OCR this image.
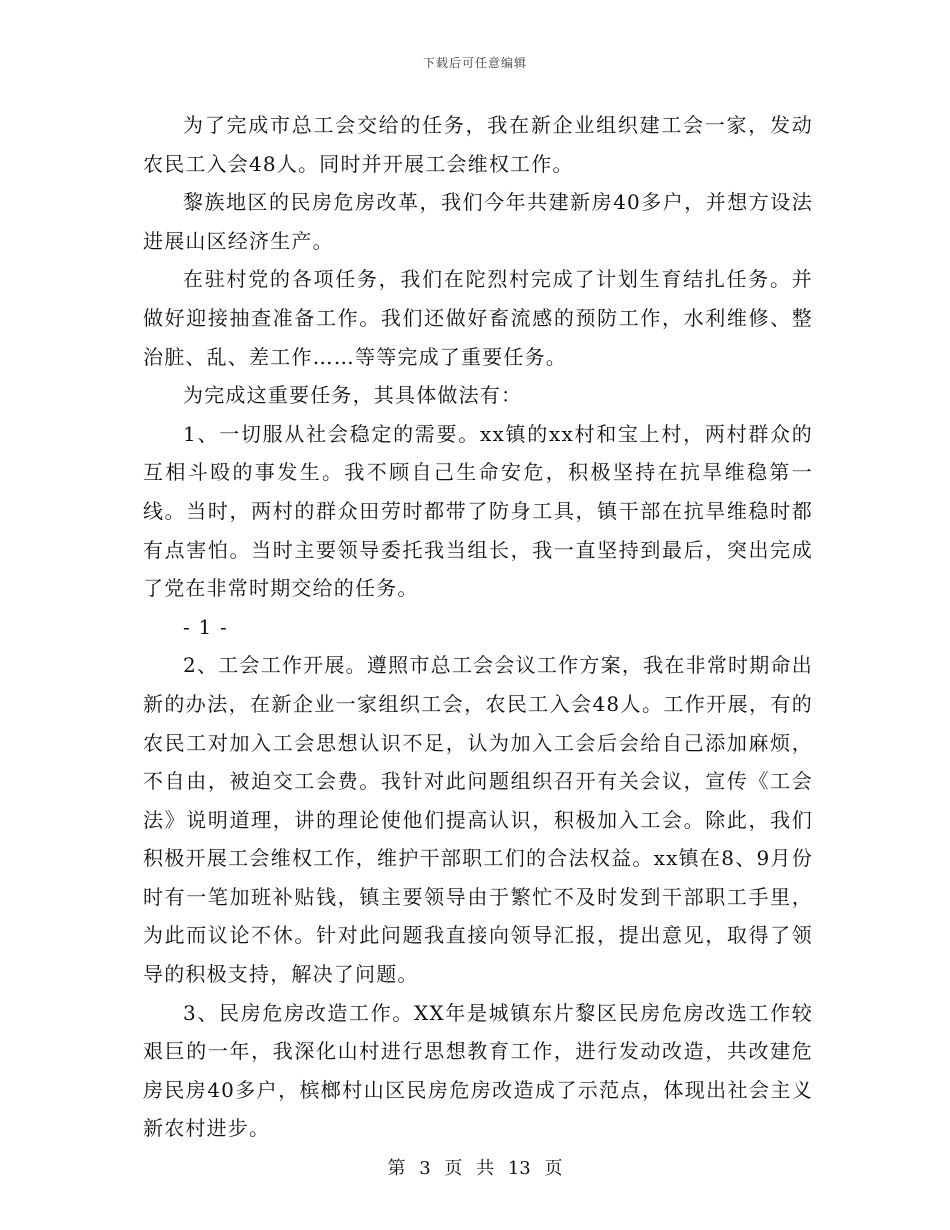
下载后可任意编辑

为了完成市总工会交给的任务，我在新企业组织建工会一家，发动农民工入会48人。同时并开展工会维权工作。

黎族地区的民房危房改革，我们今年共建新房40多户，并想方设法进展山区经济生产。

在驻村党的各项任务，我们在陀烈村完成了计划生育结扎任务。并做好迎接抽查准备工作。我们还做好畜流感的预防工作，水利维修、整治脏、乱、差工作……等等完成了重要任务。

为完成这重要任务，其具体做法有：

1、一切服从社会稳定的需要。xx镇的xx村和宝上村，两村群众的互相斗殴的事发生。我不顾自己生命安危，积极坚持在抗旱维稳第一线。当时，两村的群众田劳时都带了防身工具，镇干部在抗旱维稳时都有点害怕。当时主要领导委托我当组长，我一直坚持到最后，突出完成了党在非常时期交给的任务。

- 1 -

2、工会工作开展。遵照市总工会会议工作方案，我在非常时期命出新的办法，在新企业一家组织工会，农民工入会48人。工作开展，有的农民工对加入工会思想认识不足，认为加入工会后会给自己添加麻烦，不自由，被迫交工会费。我针对此问题组织召开有关会议，宣传《工会法》说明道理，讲的理论使他们提高认识，积极加入工会。除此，我们积极开展工会维权工作，维护干部职工们的合法权益。xx镇在8、9月份时有一笔加班补贴钱，镇主要领导由于繁忙不及时发到干部职工手里，为此而议论不休。针对此问题我直接向领导汇报，提出意见，取得了领导的积极支持，解决了问题。

3、民房危房改造工作。XX年是城镇东片黎区民房危房改选工作较艰巨的一年，我深化山村进行思想教育工作，进行发动改造，共改建危房民房40多户，槟榔村山区民房危房改造成了示范点，体现出社会主义新农村进步。

第 3 页 共 13 页
